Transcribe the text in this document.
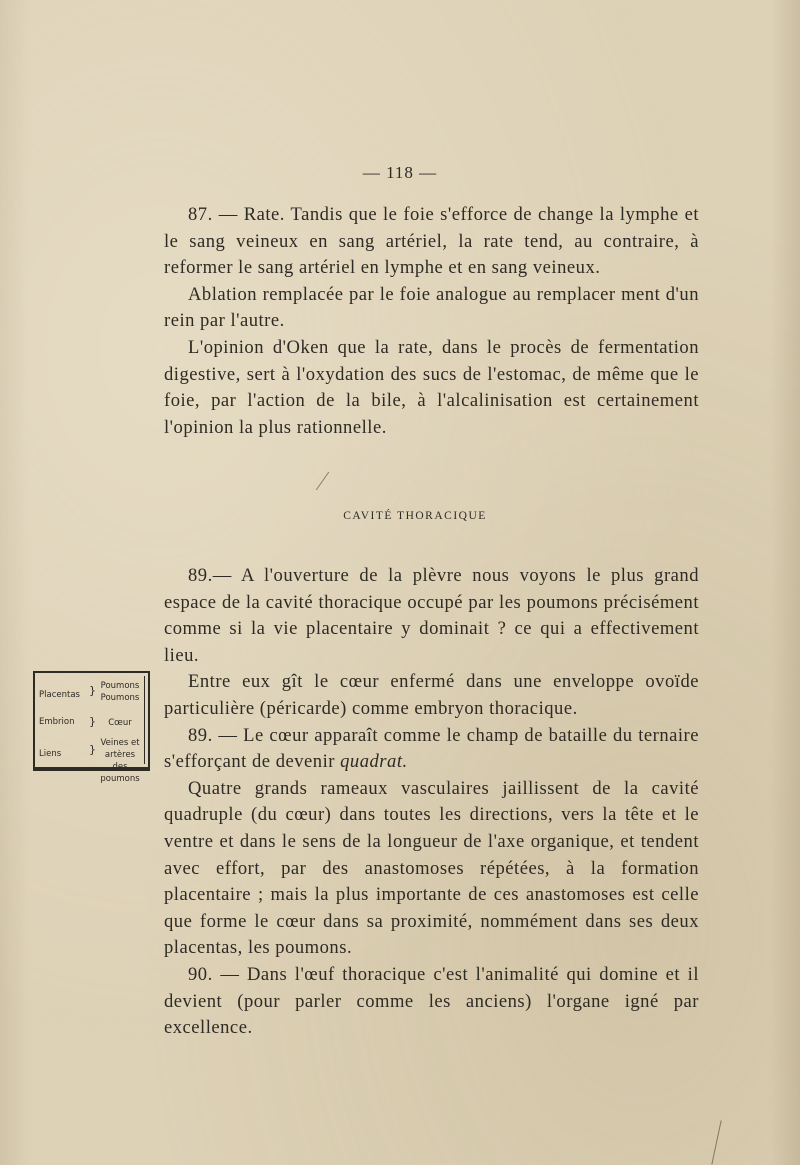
— 118 —

87. — Rate. Tandis que le foie s'efforce de change la lymphe et le sang veineux en sang artériel, la rate tend, au contraire, à reformer le sang artériel en lymphe et en sang veineux.

Ablation remplacée par le foie analogue au remplacer ment d'un rein par l'autre.

L'opinion d'Oken que la rate, dans le procès de fermentation digestive, sert à l'oxydation des sucs de l'estomac, de même que le foie, par l'action de la bile, à l'alcalinisation est certainement l'opinion la plus rationnelle.

CAVITÉ THORACIQUE

89.— A l'ouverture de la plèvre nous voyons le plus grand espace de la cavité thoracique occupé par les poumons précisément comme si la vie placentaire y dominait ? ce qui a effectivement lieu.

Entre eux gît le cœur enfermé dans une enveloppe ovoïde particulière (péricarde) comme embryon thoracique.

89. — Le cœur apparaît comme le champ de bataille du ternaire s'efforçant de devenir quadrat.

Quatre grands rameaux vasculaires jaillissent de la cavité quadruple (du cœur) dans toutes les directions, vers la tête et le ventre et dans le sens de la longueur de l'axe organique, et tendent avec effort, par des anastomoses répétées, à la formation placentaire ; mais la plus importante de ces anastomoses est celle que forme le cœur dans sa proximité, nommément dans ses deux placentas, les poumons.

90. — Dans l'œuf thoracique c'est l'animalité qui domine et il devient (pour parler comme les anciens) l'organe igné par excellence.

Placentas } Poumons
Poumons
Embrion }	Cœur
Liens	} Veines et
artères des
poumons
